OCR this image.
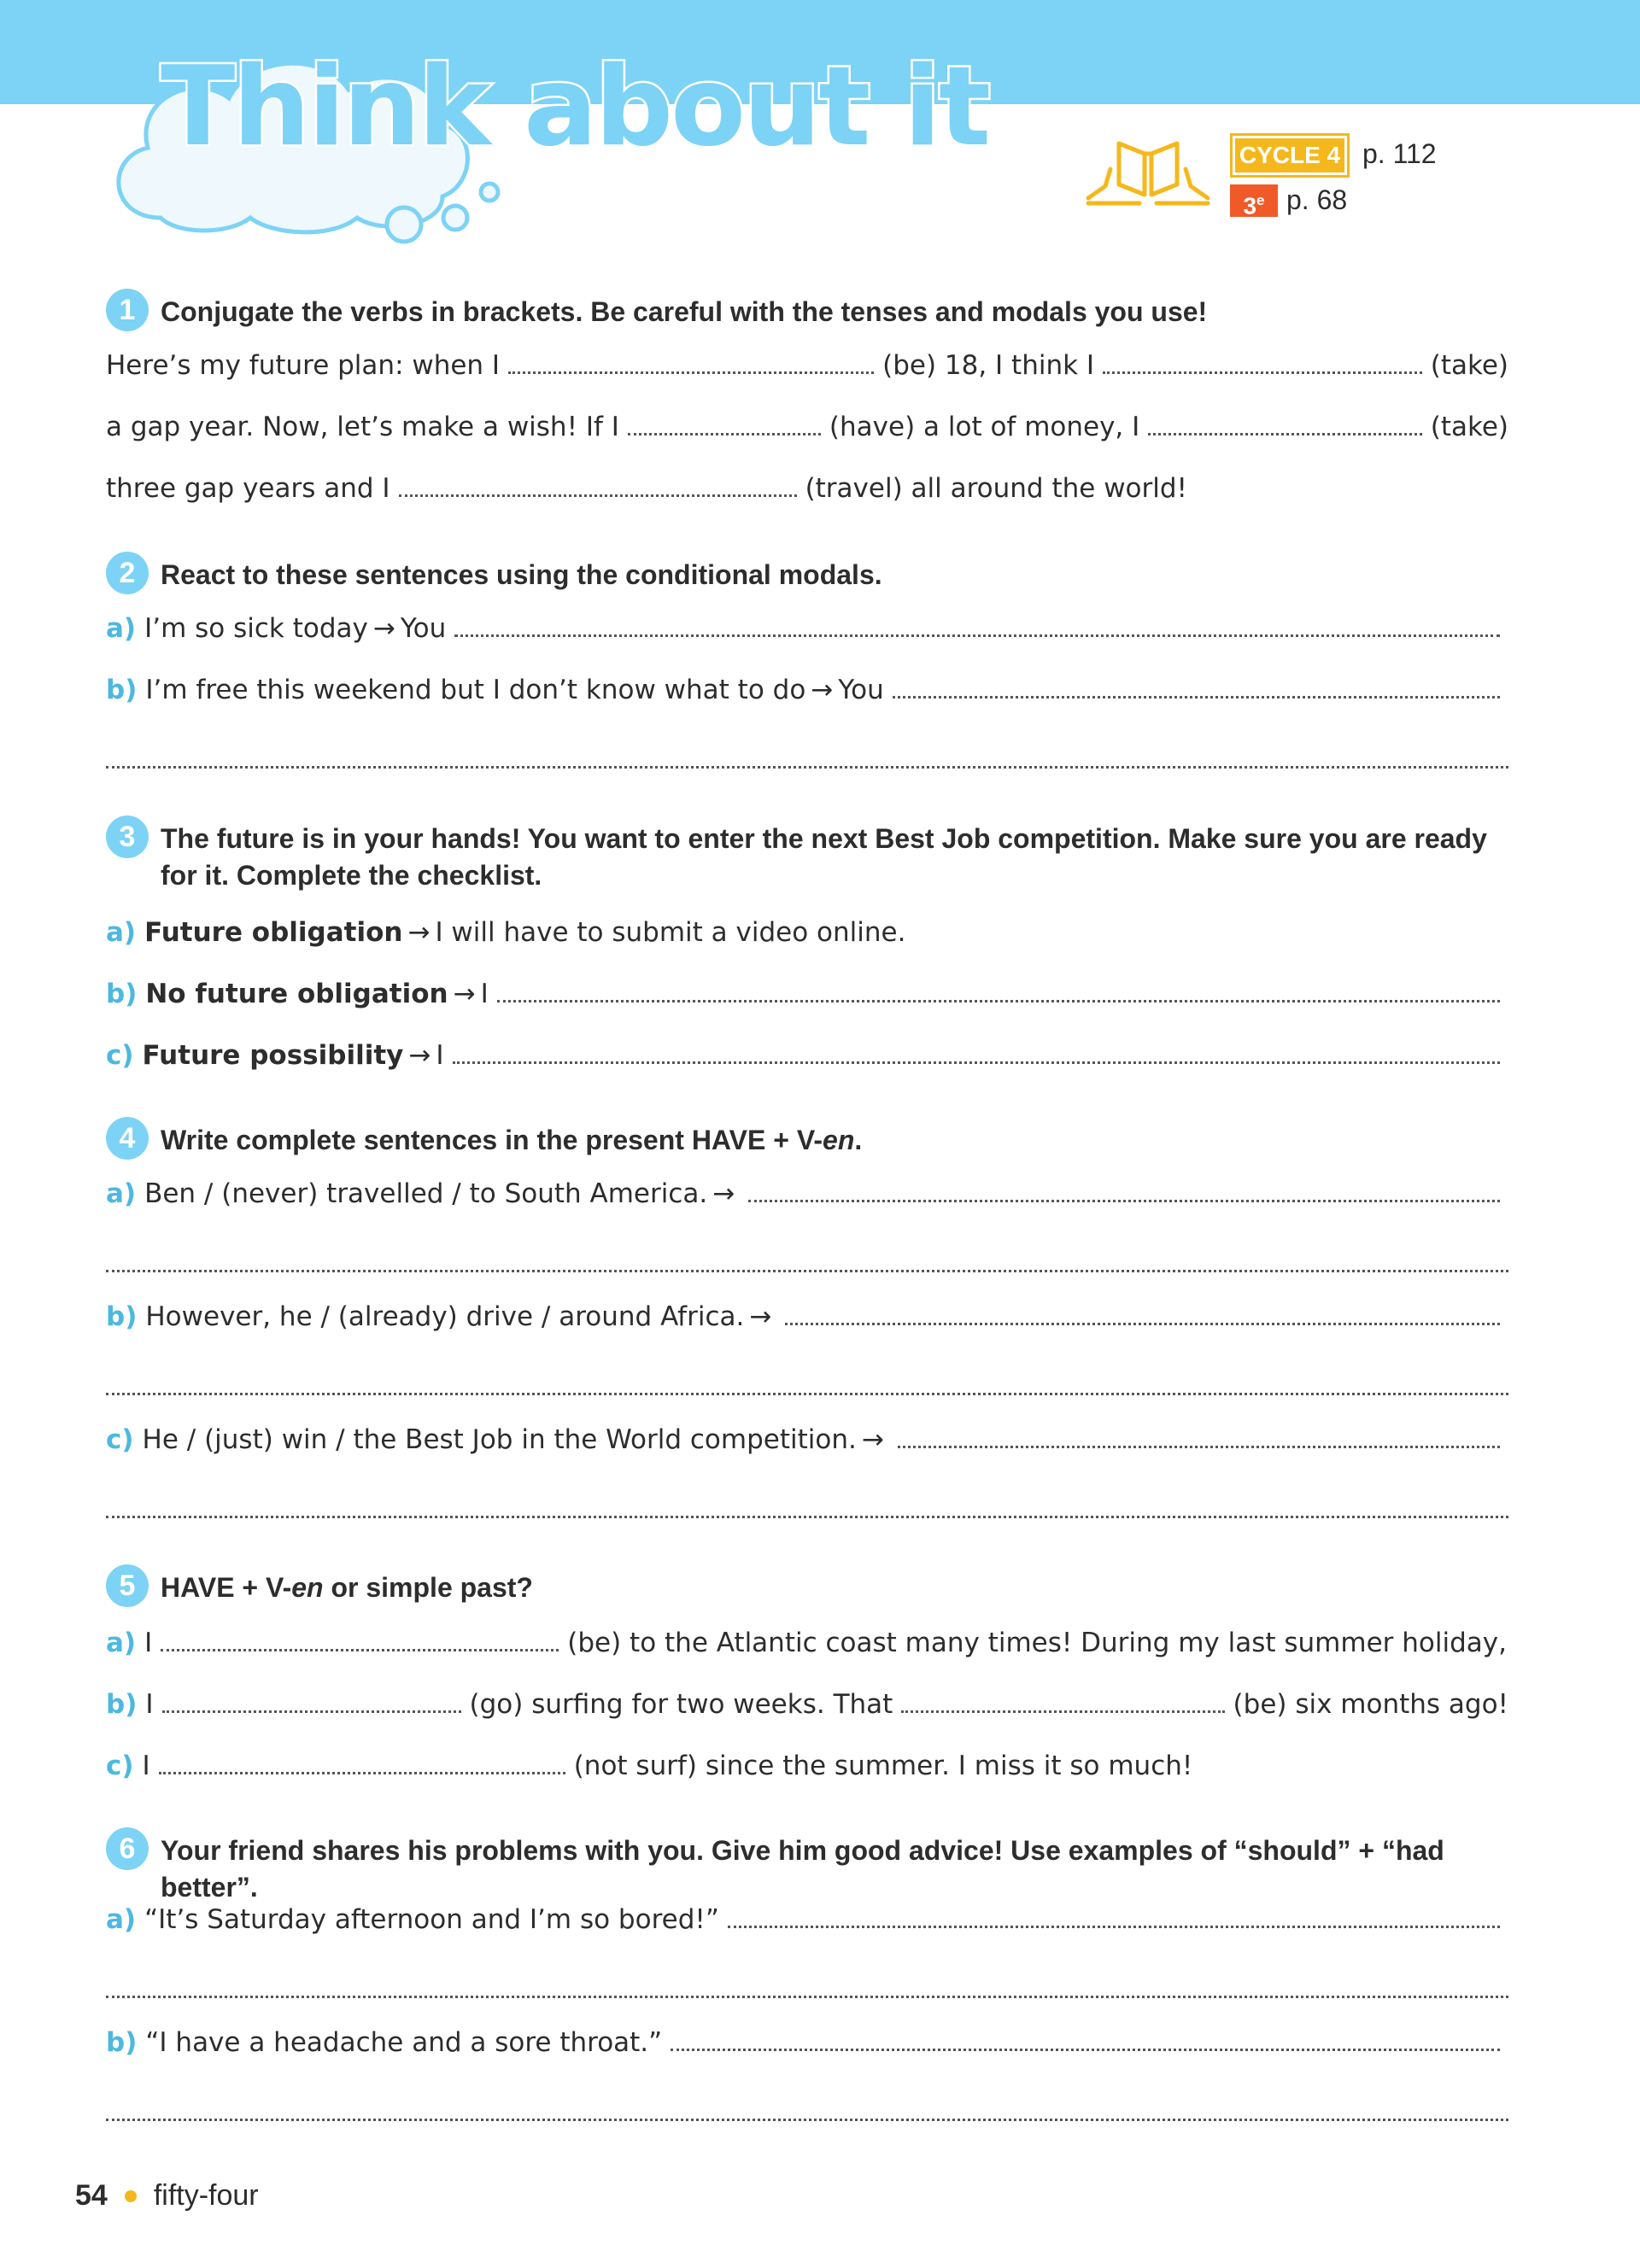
Think about it	CYCLE 4 p. 112
3e p. 68
1 Conjugate the verbs in brackets. Be careful with the tenses and modals you use!
Here’s my future plan: when I	(be) 18, I think I	(take)
a gap year. Now, let’s make a wish! If I	(have) a lot of money, I	(take)
three gap years and I	(travel) all around the world!
2 React to these sentences using the conditional modals.
a) I’m so sick today → You
b) I’m free this weekend but I don’t know what to do → You
3 The future is in your hands! You want to enter the next Best Job competition. Make sure you are ready for it. Complete the checklist.
a) Future obligation → I will have to submit a video online.
b) No future obligation → I
c) Future possibility → I
4 Write complete sentences in the present HAVE + V-en.
a) Ben / (never) travelled / to South America. →
b) However, he / (already) drive / around Africa. →
c) He / (just) win / the Best Job in the World competition. →
5 HAVE + V-en or simple past?
a) I	(be) to the Atlantic coast many times! During my last summer holiday,
b) I	(go) surfing for two weeks. That	(be) six months ago!
c) I	(not surf) since the summer. I miss it so much!
6 Your friend shares his problems with you. Give him good advice! Use examples of “should” + “had better”.
a) “It’s Saturday afternoon and I’m so bored!”
b) “I have a headache and a sore throat.”
54 fifty-four
